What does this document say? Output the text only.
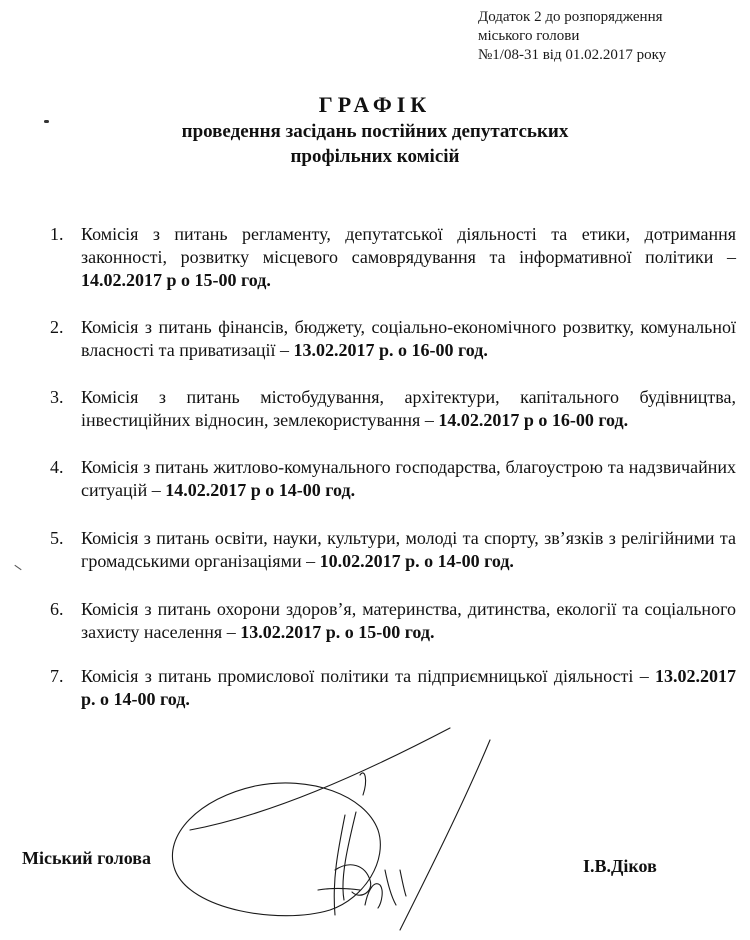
Додаток 2 до розпорядження
міського голови
№1/08-31 від 01.02.2017 року
ГРАФІК
проведення засідань постійних депутатських
профільних комісій
1. Комісія з питань регламенту, депутатської діяльності та етики, дотримання законності, розвитку місцевого самоврядування та інформативної політики – 14.02.2017 р о 15-00 год.
2. Комісія з питань фінансів, бюджету, соціально-економічного розвитку, комунальної власності та приватизації – 13.02.2017 р. о 16-00 год.
3. Комісія з питань містобудування, архітектури, капітального будівництва, інвестиційних відносин, землекористування – 14.02.2017 р о 16-00 год.
4. Комісія з питань житлово-комунального господарства, благоустрою та надзвичайних ситуацій – 14.02.2017 р о 14-00 год.
5. Комісія з питань освіти, науки, культури, молоді та спорту, зв’язків з релігійними та громадськими організаціями – 10.02.2017 р. о 14-00 год.
6. Комісія з питань охорони здоров’я, материнства, дитинства, екології та соціального захисту населення – 13.02.2017 р. о 15-00 год.
7. Комісія з питань промислової політики та підприємницької діяльності – 13.02.2017 р. о 14-00 год.
Міський голова	І.В.Діков
